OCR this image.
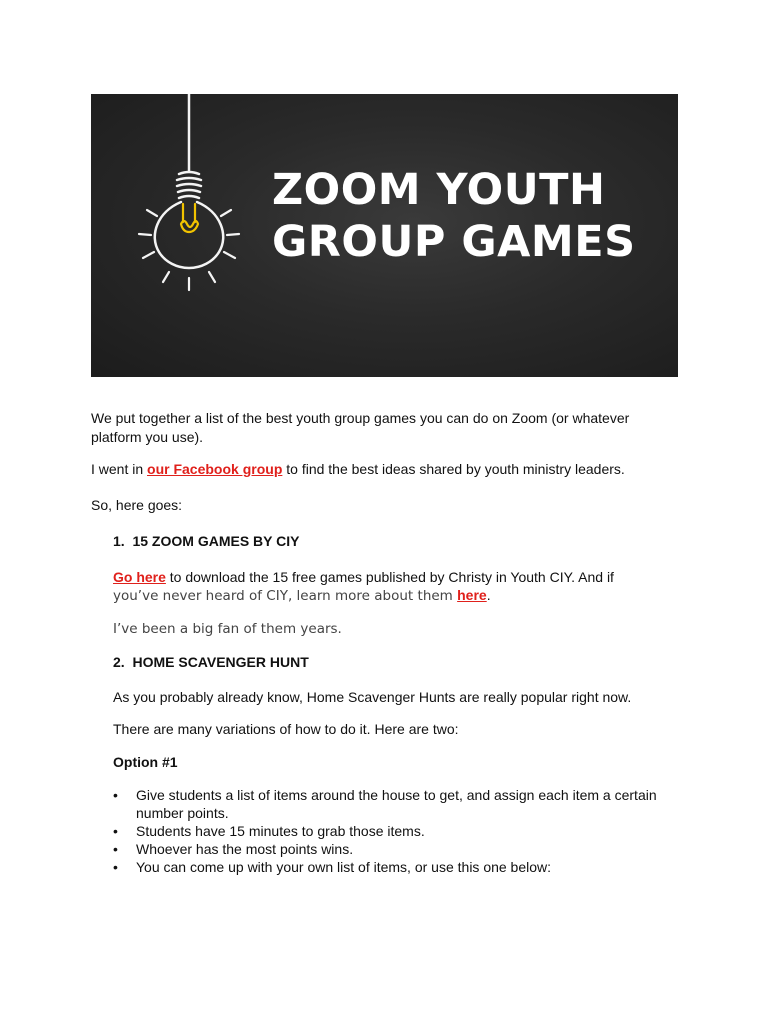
ZOOM YOUTH
GROUP GAMES
We put together a list of the best youth group games you can do on Zoom (or whatever
platform you use).
I went in our Facebook group to find the best ideas shared by youth ministry leaders.
So, here goes:
1. 15 ZOOM GAMES BY CIY
Go here to download the 15 free games published by Christy in Youth CIY. And if
you’ve never heard of CIY, learn more about them here.
I’ve been a big fan of them years.
2. HOME SCAVENGER HUNT
As you probably already know, Home Scavenger Hunts are really popular right now.
There are many variations of how to do it. Here are two:
Option #1
• Give students a list of items around the house to get, and assign each item a certain number points.
• Students have 15 minutes to grab those items.
• Whoever has the most points wins.
• You can come up with your own list of items, or use this one below:
